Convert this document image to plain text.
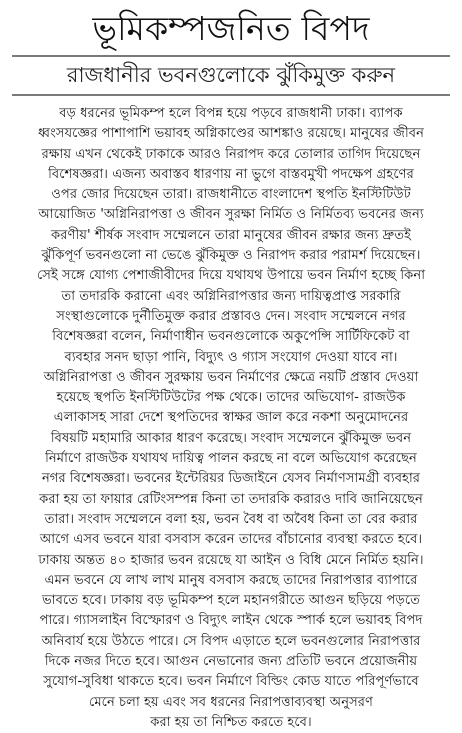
ভূমিকম্পজনিত বিপদ
রাজধানীর ভবনগুলোকে ঝুঁকিমুক্ত করুন
বড় ধরনের ভূমিকম্প হলে বিপন্ন হয়ে পড়বে রাজধানী ঢাকা। ব্যাপক
ধ্বংসযজ্ঞের পাশাপাশি ভয়াবহ অগ্নিকাণ্ডের আশঙ্কাও রয়েছে। মানুষের জীবন
রক্ষায় এখন থেকেই ঢাকাকে আরও নিরাপদ করে তোলার তাগিদ দিয়েছেন
বিশেষজ্ঞরা। এজন্য অবাস্তব ধারণায় না ভুগে বাস্তবমুখী পদক্ষেপ গ্রহণের
ওপর জোর দিয়েছেন তারা। রাজধানীতে বাংলাদেশ স্থপতি ইনস্টিটিউট
আয়োজিত 'অগ্নিনিরাপত্তা ও জীবন সুরক্ষা নির্মিত ও নির্মিতব্য ভবনের জন্য
করণীয়' শীর্ষক সংবাদ সম্মেলনে তারা মানুষের জীবন রক্ষার জন্য দ্রুতই
ঝুঁকিপূর্ণ ভবনগুলো না ভেঙে ঝুঁকিমুক্ত ও নিরাপদ করার পরামর্শ দিয়েছেন।
সেই সঙ্গে যোগ্য পেশাজীবীদের দিয়ে যথাযথ উপায়ে ভবন নির্মাণ হচ্ছে কিনা
তা তদারকি করানো এবং অগ্নিনিরাপত্তার জন্য দায়িত্বপ্রাপ্ত সরকারি
সংস্থাগুলোকে দুর্নীতিমুক্ত করার প্রস্তাবও দেন। সংবাদ সম্মেলনে নগর
বিশেষজ্ঞরা বলেন, নির্মাণাধীন ভবনগুলোকে অকুপেন্সি সার্টিফিকেট বা
ব্যবহার সনদ ছাড়া পানি, বিদ্যুৎ ও গ্যাস সংযোগ দেওয়া যাবে না।
অগ্নিনিরাপত্তা ও জীবন সুরক্ষায় ভবন নির্মাণের ক্ষেত্রে নয়টি প্রস্তাব দেওয়া
হয়েছে স্থপতি ইনস্টিটিউটের পক্ষ থেকে। তাদের অভিযোগ- রাজউক
এলাকাসহ সারা দেশে স্থপতিদের স্বাক্ষর জাল করে নকশা অনুমোদনের
বিষয়টি মহামারি আকার ধারণ করেছে। সংবাদ সম্মেলনে ঝুঁকিমুক্ত ভবন
নির্মাণে রাজউক যথাযথ দায়িত্ব পালন করছে না বলে অভিযোগ করেছেন
নগর বিশেষজ্ঞরা। ভবনের ইন্টেরিয়র ডিজাইনে যেসব নির্মাণসামগ্রী ব্যবহার
করা হয় তা ফায়ার রেটিংসম্পন্ন কিনা তা তদারকি করারও দাবি জানিয়েছেন
তারা। সংবাদ সম্মেলনে বলা হয়, ভবন বৈধ বা অবৈধ কিনা তা বের করার
আগে এসব ভবনে যারা বসবাস করেন তাদের বাঁচানোর ব্যবস্থা করতে হবে।
ঢাকায় অন্তত ৪০ হাজার ভবন রয়েছে যা আইন ও বিধি মেনে নির্মিত হয়নি।
এমন ভবনে যে লাখ লাখ মানুষ বসবাস করছে তাদের নিরাপত্তার ব্যাপারে
ভাবতে হবে। ঢাকায় বড় ভূমিকম্প হলে মহানগরীতে আগুন ছড়িয়ে পড়তে
পারে। গ্যাসলাইন বিস্ফোরণ ও বিদ্যুৎ লাইন থেকে স্পার্ক হলে ভয়াবহ বিপদ
অনিবার্য হয়ে উঠতে পারে। সে বিপদ এড়াতে হলে ভবনগুলোর নিরাপত্তার
দিকে নজর দিতে হবে। আগুন নেভানোর জন্য প্রতিটি ভবনে প্রয়োজনীয়
সুযোগ-সুবিধা থাকতে হবে। ভবন নির্মাণে বিল্ডিং কোড যাতে পরিপূর্ণভাবে
মেনে চলা হয় এবং সব ধরনের নিরাপত্তাব্যবস্থা অনুসরণ
করা হয় তা নিশ্চিত করতে হবে।
